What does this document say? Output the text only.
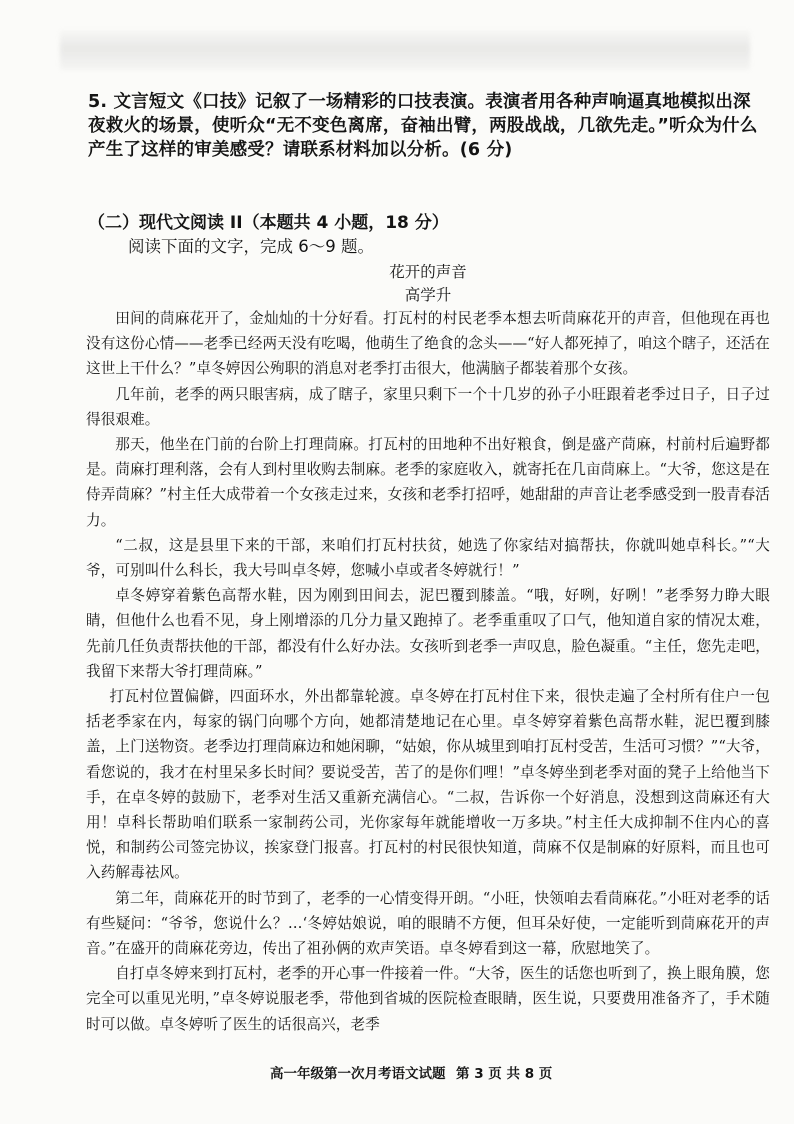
5. 文言短文《口技》记叙了一场精彩的口技表演。表演者用各种声响逼真地模拟出深夜救火的场景，使听众“无不变色离席，奋袖出臂，两股战战，几欲先走。”听众为什么产生了这样的审美感受？请联系材料加以分析。(6 分)
（二）现代文阅读 II（本题共 4 小题，18 分）
阅读下面的文字，完成 6～9 题。
花开的声音
高学升

田间的茼麻花开了，金灿灿的十分好看。打瓦村的村民老季本想去听茼麻花开的声音，但他现在再也没有这份心情——老季已经两天没有吃喝，他萌生了绝食的念头——“好人都死掉了，咱这个瞎子，还活在这世上干什么？”卓冬婷因公殉职的消息对老季打击很大，他满脑子都装着那个女孩。

几年前，老季的两只眼害病，成了瞎子，家里只剩下一个十几岁的孙子小旺跟着老季过日子，日子过得很艰难。

那天，他坐在门前的台阶上打理茼麻。打瓦村的田地种不出好粮食，倒是盛产茼麻，村前村后遍野都是。茼麻打理利落，会有人到村里收购去制麻。老季的家庭收入，就寄托在几亩茼麻上。“大爷，您这是在侍弄茼麻？”村主任大成带着一个女孩走过来，女孩和老季打招呼，她甜甜的声音让老季感受到一股青春活力。

“二叔，这是县里下来的干部，来咱们打瓦村扶贫，她选了你家结对搞帮扶，你就叫她卓科长。”“大爷，可别叫什么科长，我大号叫卓冬婷，您喊小卓或者冬婷就行！”

卓冬婷穿着紫色高帮水鞋，因为刚到田间去，泥巴覆到膝盖。“哦，好咧，好咧！”老季努力睁大眼睛，但他什么也看不见，身上刚增添的几分力量又跑掉了。老季重重叹了口气，他知道自家的情况太难，先前几任负责帮扶他的干部，都没有什么好办法。女孩听到老季一声叹息，脸色凝重。“主任，您先走吧，我留下来帮大爷打理茼麻。”

打瓦村位置偏僻，四面环水，外出都靠轮渡。卓冬婷在打瓦村住下来，很快走遍了全村所有住户一包括老季家在内，每家的锅门向哪个方向，她都清楚地记在心里。卓冬婷穿着紫色高帮水鞋，泥巴覆到膝盖，上门送物资。老季边打理茼麻边和她闲聊，“姑娘，你从城里到咱打瓦村受苦，生活可习惯？”“大爷，看您说的，我才在村里呆多长时间？要说受苦，苦了的是你们哩！”卓冬婷坐到老季对面的凳子上给他当下手，在卓冬婷的鼓励下，老季对生活又重新充满信心。“二叔，告诉你一个好消息，没想到这茼麻还有大用！卓科长帮助咱们联系一家制药公司，光你家每年就能增收一万多块。”村主任大成抑制不住内心的喜悦，和制药公司签完协议，挨家登门报喜。打瓦村的村民很快知道，茼麻不仅是制麻的好原料，而且也可入药解毒祛风。

第二年，茼麻花开的时节到了，老季的一心情变得开朗。“小旺，快领咱去看茼麻花。”小旺对老季的话有些疑问：“爷爷，您说什么？…‘冬婷姑娘说，咱的眼睛不方便，但耳朵好使，一定能听到茼麻花开的声音。”在盛开的茼麻花旁边，传出了祖孙俩的欢声笑语。卓冬婷看到这一幕，欣慰地笑了。

自打卓冬婷来到打瓦村，老季的开心事一件接着一件。“大爷，医生的话您也听到了，换上眼角膜，您完全可以重见光明，”卓冬婷说服老季，带他到省城的医院检查眼睛，医生说，只要费用准备齐了，手术随时可以做。卓冬婷听了医生的话很高兴，老季

高一年级第一次月考语文试题 第 3 页 共 8 页
